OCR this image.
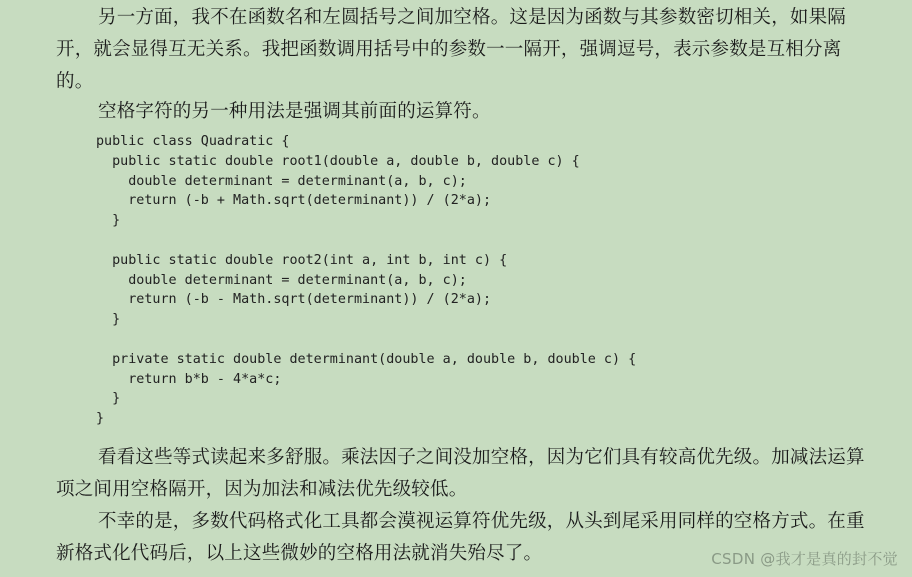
另一方面，我不在函数名和左圆括号之间加空格。这是因为函数与其参数密切相关，如果隔开，就会显得互无关系。我把函数调用括号中的参数一一隔开，强调逗号，表示参数是互相分离的。

空格字符的另一种用法是强调其前面的运算符。

public class Quadratic {
public static double root1(double a, double b, double c) {
double determinant = determinant(a, b, c);
return (-b + Math.sqrt(determinant)) / (2*a);
}
public static double root2(int a, int b, int c) {
double determinant = determinant(a, b, c);
return (-b - Math.sqrt(determinant)) / (2*a);
}
private static double determinant(double a, double b, double c) {
return b*b - 4*a*c;
}
}

看看这些等式读起来多舒服。乘法因子之间没加空格，因为它们具有较高优先级。加减法运算项之间用空格隔开，因为加法和减法优先级较低。

不幸的是，多数代码格式化工具都会漠视运算符优先级，从头到尾采用同样的空格方式。在重新格式化代码后，以上这些微妙的空格用法就消失殆尽了。	CSDN @我才是真的封不觉
